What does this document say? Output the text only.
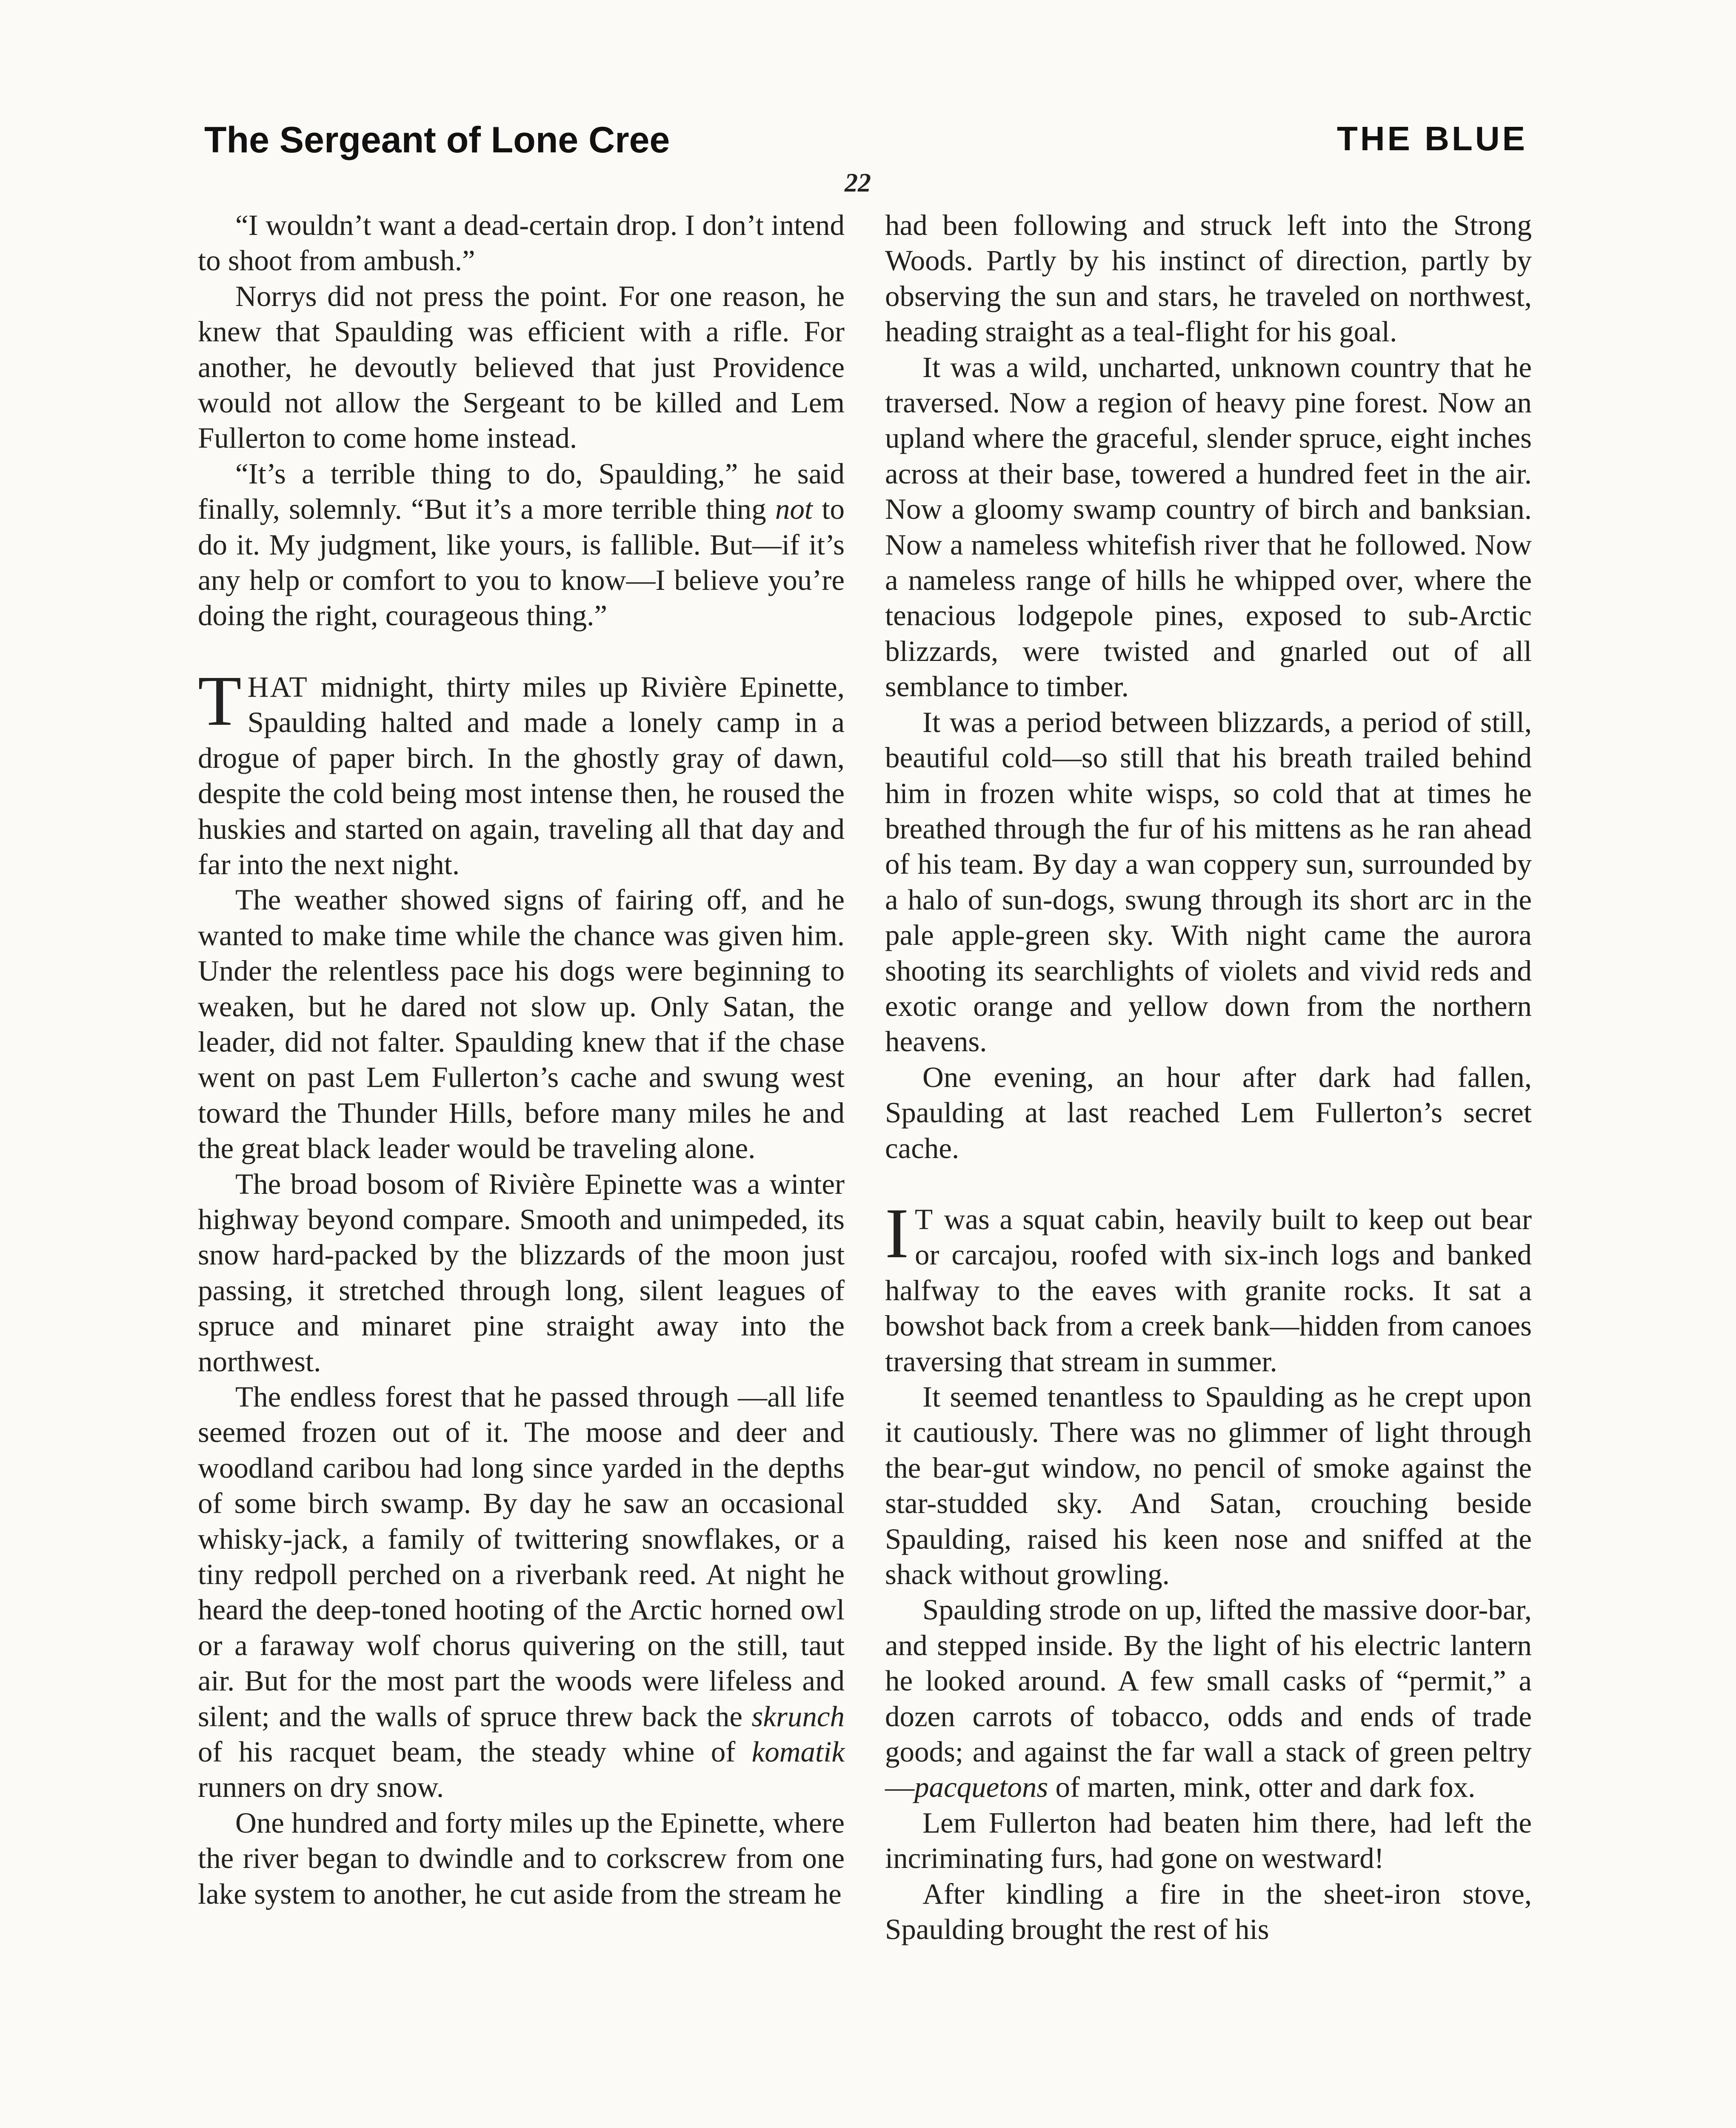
The Sergeant of Lone Cree	THE BLUE
22

“I wouldn’t want a dead-certain drop. I don’t intend to shoot from ambush.”

Norrys did not press the point. For one reason, he knew that Spaulding was efficient with a rifle. For another, he devoutly believed that just Providence would not allow the Sergeant to be killed and Lem Fullerton to come home instead.

“It’s a terrible thing to do, Spaulding,” he said finally, solemnly. “But it’s a more terrible thing not to do it. My judgment, like yours, is fallible. But—if it’s any help or comfort to you to know—I believe you’re doing the right, courageous thing.”

THAT midnight, thirty miles up Rivière Epinette, Spaulding halted and made a lonely camp in a drogue of paper birch. In the ghostly gray of dawn, despite the cold being most intense then, he roused the huskies and started on again, traveling all that day and far into the next night.

The weather showed signs of fairing off, and he wanted to make time while the chance was given him. Under the relentless pace his dogs were beginning to weaken, but he dared not slow up. Only Satan, the leader, did not falter. Spaulding knew that if the chase went on past Lem Fullerton’s cache and swung west toward the Thunder Hills, before many miles he and the great black leader would be traveling alone.

The broad bosom of Rivière Epinette was a winter highway beyond compare. Smooth and unimpeded, its snow hard-packed by the blizzards of the moon just passing, it stretched through long, silent leagues of spruce and minaret pine straight away into the northwest.

The endless forest that he passed through —all life seemed frozen out of it. The moose and deer and woodland caribou had long since yarded in the depths of some birch swamp. By day he saw an occasional whisky-jack, a family of twittering snowflakes, or a tiny redpoll perched on a riverbank reed. At night he heard the deep-toned hooting of the Arctic horned owl or a faraway wolf chorus quivering on the still, taut air. But for the most part the woods were lifeless and silent; and the walls of spruce threw back the skrunch of his racquet beam, the steady whine of komatik runners on dry snow.

One hundred and forty miles up the Epinette, where the river began to dwindle and to corkscrew from one lake system to another, he cut aside from the stream he

had been following and struck left into the Strong Woods. Partly by his instinct of direction, partly by observing the sun and stars, he traveled on northwest, heading straight as a teal-flight for his goal.

It was a wild, uncharted, unknown country that he traversed. Now a region of heavy pine forest. Now an upland where the graceful, slender spruce, eight inches across at their base, towered a hundred feet in the air. Now a gloomy swamp country of birch and banksian. Now a nameless whitefish river that he followed. Now a nameless range of hills he whipped over, where the tenacious lodgepole pines, exposed to sub-Arctic blizzards, were twisted and gnarled out of all semblance to timber.

It was a period between blizzards, a period of still, beautiful cold—so still that his breath trailed behind him in frozen white wisps, so cold that at times he breathed through the fur of his mittens as he ran ahead of his team. By day a wan coppery sun, surrounded by a halo of sun-dogs, swung through its short arc in the pale apple-green sky. With night came the aurora shooting its searchlights of violets and vivid reds and exotic orange and yellow down from the northern heavens.

One evening, an hour after dark had fallen, Spaulding at last reached Lem Fullerton’s secret cache.

I T was a squat cabin, heavily built to keep out bear or carcajou, roofed with six-inch logs and banked halfway to the eaves with granite rocks. It sat a bowshot back from a creek bank—hidden from canoes traversing that stream in summer.

It seemed tenantless to Spaulding as he crept upon it cautiously. There was no glimmer of light through the bear-gut window, no pencil of smoke against the star-studded sky. And Satan, crouching beside Spaulding, raised his keen nose and sniffed at the shack without growling.

Spaulding strode on up, lifted the massive door-bar, and stepped inside. By the light of his electric lantern he looked around. A few small casks of “permit,” a dozen carrots of tobacco, odds and ends of trade goods; and against the far wall a stack of green peltry—pacquetons of marten, mink, otter and dark fox.

Lem Fullerton had beaten him there, had left the incriminating furs, had gone on westward!

After kindling a fire in the sheet-iron stove, Spaulding brought the rest of his
